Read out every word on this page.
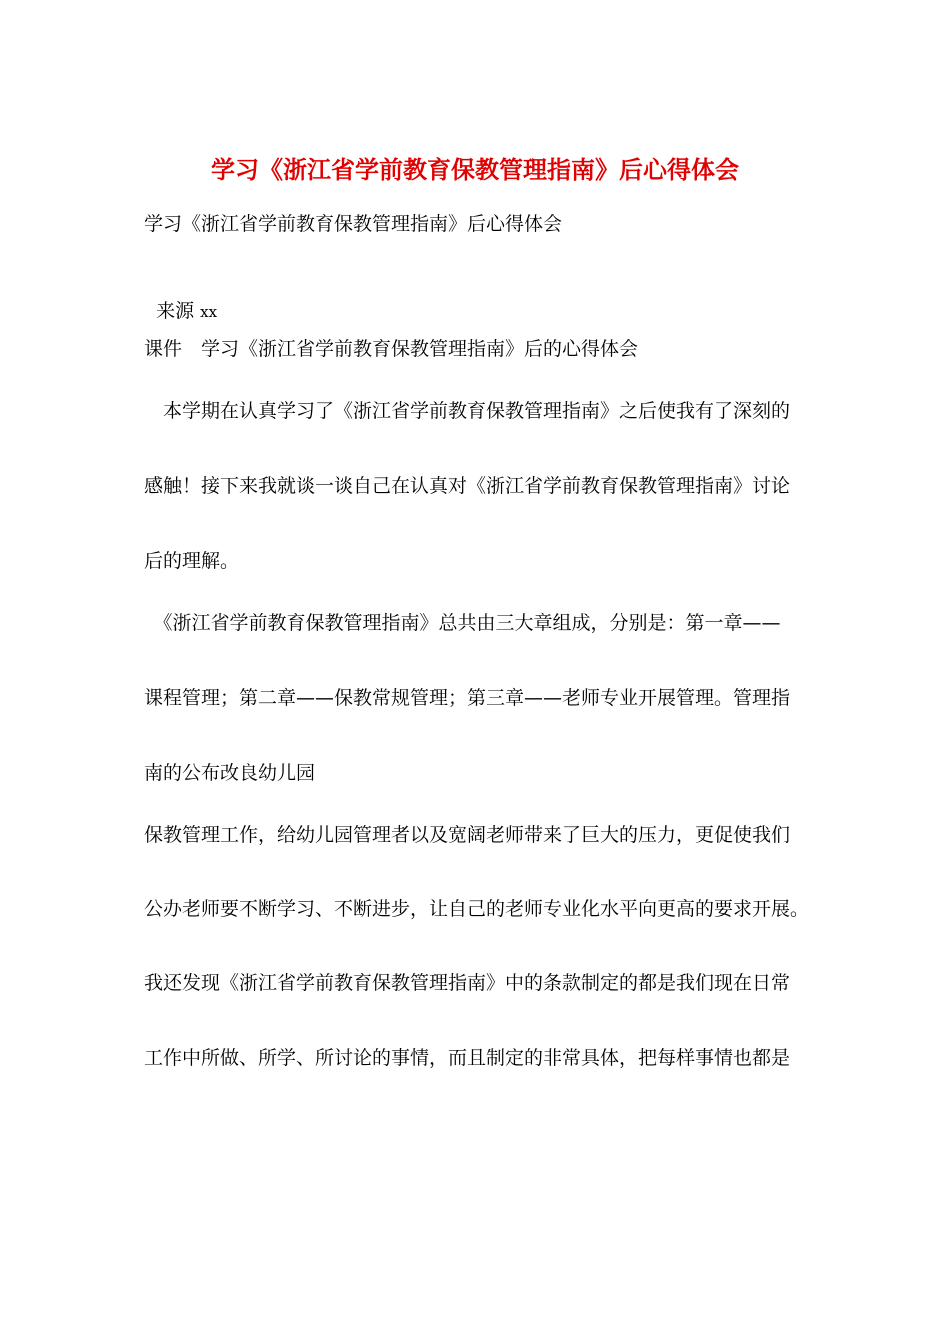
学习《浙江省学前教育保教管理指南》后心得体会
学习《浙江省学前教育保教管理指南》后心得体会

来源 xx

课件　学习《浙江省学前教育保教管理指南》后的心得体会
　本学期在认真学习了《浙江省学前教育保教管理指南》之后使我有了深刻的
感触！接下来我就谈一谈自己在认真对《浙江省学前教育保教管理指南》讨论
后的理解。
　《浙江省学前教育保教管理指南》总共由三大章组成，分别是：第一章——
课程管理；第二章——保教常规管理；第三章——老师专业开展管理。管理指
南的公布改良幼儿园
保教管理工作，给幼儿园管理者以及宽阔老师带来了巨大的压力，更促使我们
公办老师要不断学习、不断进步，让自己的老师专业化水平向更高的要求开展。
我还发现《浙江省学前教育保教管理指南》中的条款制定的都是我们现在日常
工作中所做、所学、所讨论的事情，而且制定的非常具体，把每样事情也都是
